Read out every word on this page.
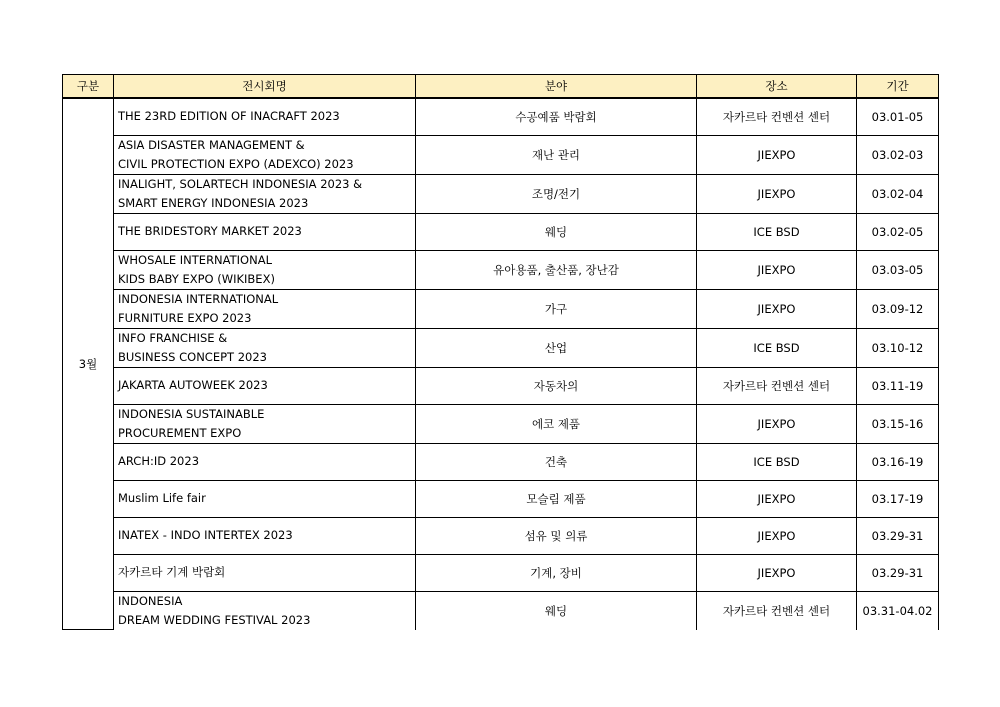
구분	전시회명	분야	장소	기간
3월	THE 23RD EDITION OF INACRAFT 2023	수공예품 박람회	자카르타 컨벤션 센터	03.01-05

	ASIA DISASTER MANAGEMENT &
CIVIL PROTECTION EXPO (ADEXCO) 2023	재난 관리	JIEXPO	03.02-03

	INALIGHT, SOLARTECH INDONESIA 2023 &
SMART ENERGY INDONESIA 2023	조명/전기	JIEXPO	03.02-04

	THE BRIDESTORY MARKET 2023	웨딩	ICE BSD	03.02-05

	WHOSALE INTERNATIONAL
KIDS BABY EXPO (WIKIBEX)	유아용품, 출산품, 장난감	JIEXPO	03.03-05

	INDONESIA INTERNATIONAL
FURNITURE EXPO 2023	가구	JIEXPO	03.09-12

	INFO FRANCHISE &
BUSINESS CONCEPT 2023	산업	ICE BSD	03.10-12

	JAKARTA AUTOWEEK 2023	자동차의	자카르타 컨벤션 센터	03.11-19

	INDONESIA SUSTAINABLE
PROCUREMENT EXPO	에코 제품	JIEXPO	03.15-16

	ARCH:ID 2023	건축	ICE BSD	03.16-19

	Muslim Life fair	모슬림 제품	JIEXPO	03.17-19

	INATEX - INDO INTERTEX 2023	섬유 및 의류	JIEXPO	03.29-31

	자카르타 기계 박람회	기계, 장비	JIEXPO	03.29-31

	INDONESIA
DREAM WEDDING FESTIVAL 2023	웨딩	자카르타 컨벤션 센터	03.31-04.02
